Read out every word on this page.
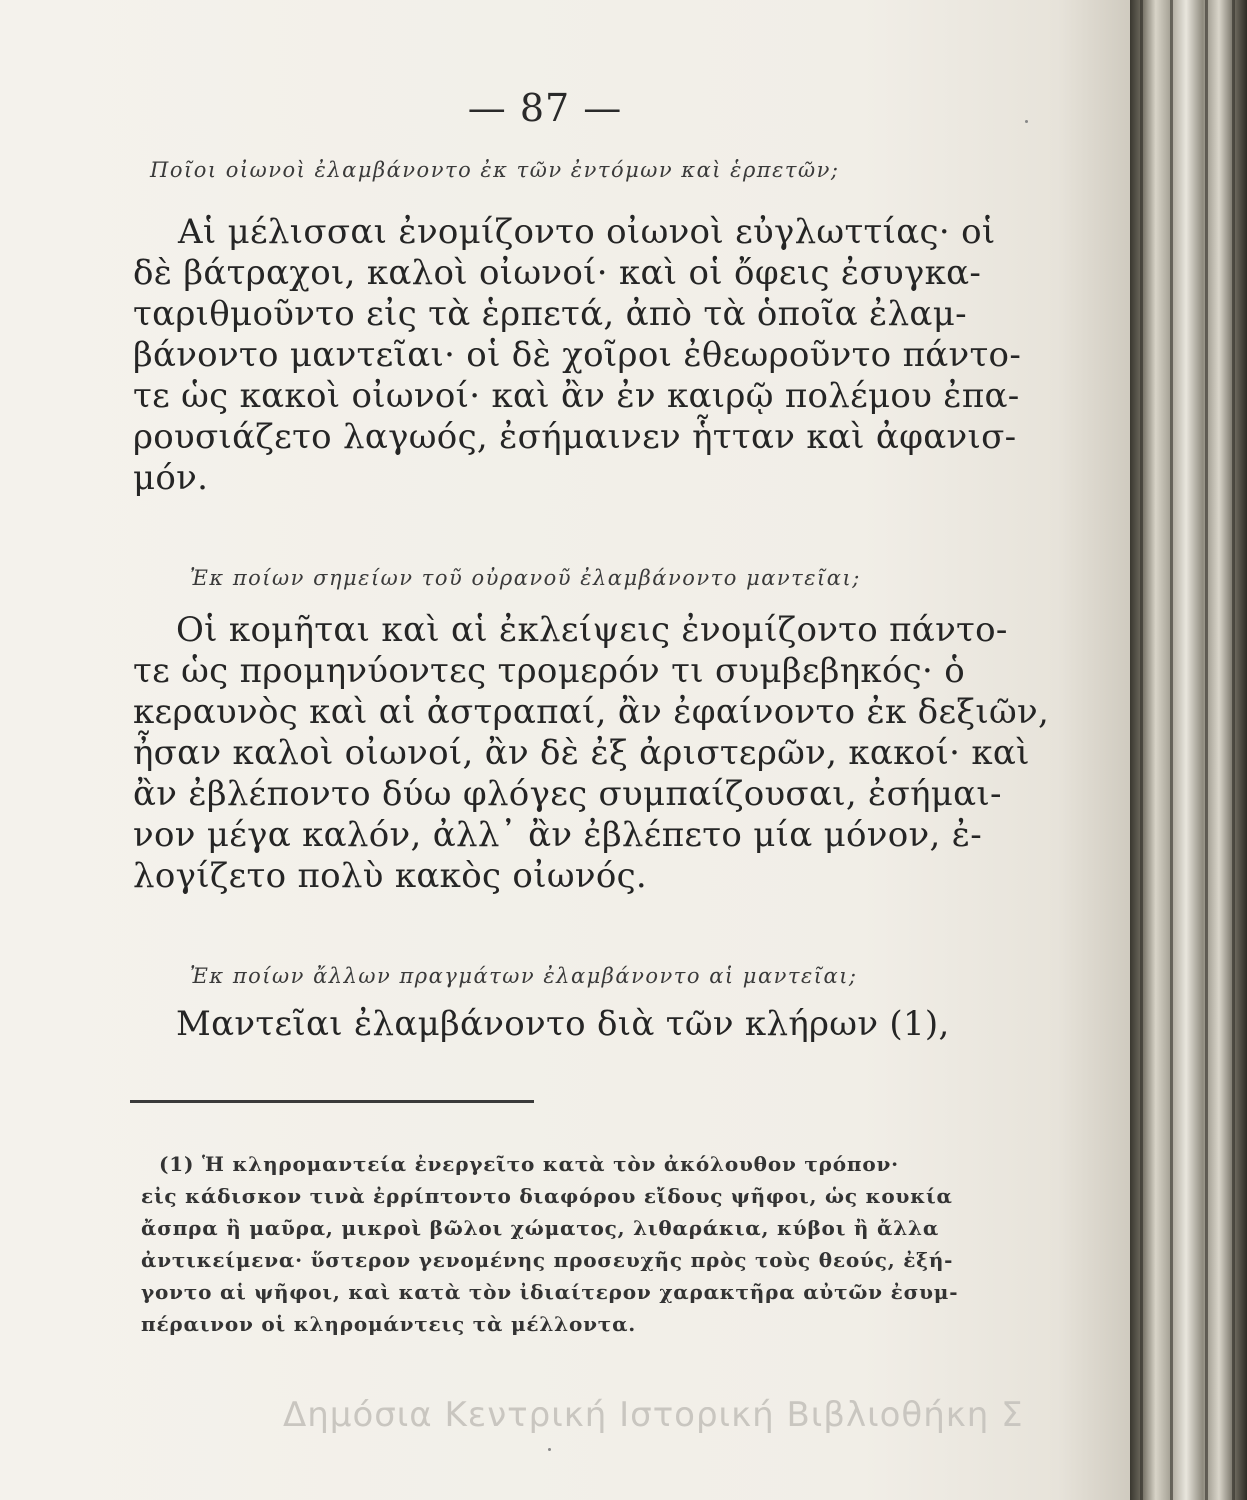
— 87 —
Ποῖοι οἰωνοὶ ἐλαμβάνοντο ἐκ τῶν ἐντόμων καὶ ἑρπετῶν;
Αἱ μέλισσαι ἐνομίζοντο οἰωνοὶ εὐγλωττίας· οἱ
δὲ βάτραχοι, καλοὶ οἰωνοί· καὶ οἱ ὄφεις ἐσυγκα-
ταριθμοῦντο εἰς τὰ ἑρπετά, ἀπὸ τὰ ὁποῖα ἐλαμ-
βάνοντο μαντεῖαι· οἱ δὲ χοῖροι ἐθεωροῦντο πάντο-
τε ὡς κακοὶ οἰωνοί· καὶ ἂν ἐν καιρῷ πολέμου ἐπα-
ρουσιάζετο λαγωός, ἐσήμαινεν ἧτταν καὶ ἀφανισ-
μόν.
Ἐκ ποίων σημείων τοῦ οὐρανοῦ ἐλαμβάνοντο μαντεῖαι;
Οἱ κομῆται καὶ αἱ ἐκλείψεις ἐνομίζοντο πάντο-
τε ὡς προμηνύοντες τρομερόν τι συμβεβηκός· ὁ
κεραυνὸς καὶ αἱ ἀστραπαί, ἂν ἐφαίνοντο ἐκ δεξιῶν,
ἦσαν καλοὶ οἰωνοί, ἂν δὲ ἐξ ἀριστερῶν, κακοί· καὶ
ἂν ἐβλέποντο δύω φλόγες συμπαίζουσαι, ἐσήμαι-
νον μέγα καλόν, ἀλλ᾽ ἂν ἐβλέπετο μία μόνον, ἐ-
λογίζετο πολὺ κακὸς οἰωνός.
Ἐκ ποίων ἄλλων πραγμάτων ἐλαμβάνοντο αἱ μαντεῖαι;
Μαντεῖαι ἐλαμβάνοντο διὰ τῶν κλήρων (1),
(1) Ἡ κληρομαντεία ἐνεργεῖτο κατὰ τὸν ἀκόλουθον τρόπον·
εἰς κάδισκον τινὰ ἐρρίπτοντο διαφόρου εἴδους ψῆφοι, ὡς κουκία
ἄσπρα ἢ μαῦρα, μικροὶ βῶλοι χώματος, λιθαράκια, κύβοι ἢ ἄλλα
ἀντικείμενα· ὕστερον γενομένης προσευχῆς πρὸς τοὺς θεούς, ἐξή-
γοντο αἱ ψῆφοι, καὶ κατὰ τὸν ἰδιαίτερον χαρακτῆρα αὐτῶν ἐσυμ-
πέραινον οἱ κληρομάντεις τὰ μέλλοντα.
Δημόσια Κεντρική Ιστορική Βιβλιοθήκη Σ
